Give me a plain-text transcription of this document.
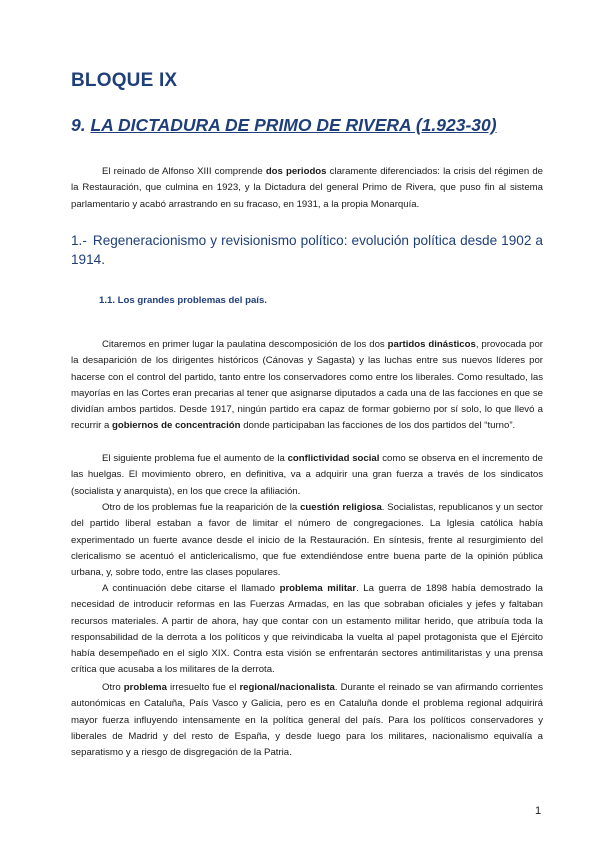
BLOQUE IX
9. LA DICTADURA DE PRIMO DE RIVERA (1.923-30)

El reinado de Alfonso XIII comprende dos periodos claramente diferenciados: la crisis del régimen de la Restauración, que culmina en 1923, y la Dictadura del general Primo de Rivera, que puso fin al sistema parlamentario y acabó arrastrando en su fracaso, en 1931, a la propia Monarquía.

1.- Regeneracionismo y revisionismo político: evolución política desde 1902 a 1914.

1.1. Los grandes problemas del país.

Citaremos en primer lugar la paulatina descomposición de los dos partidos dinásticos, provocada por la desaparición de los dirigentes históricos (Cánovas y Sagasta) y las luchas entre sus nuevos líderes por hacerse con el control del partido, tanto entre los conservadores como entre los liberales. Como resultado, las mayorías en las Cortes eran precarias al tener que asignarse diputados a cada una de las facciones en que se dividían ambos partidos. Desde 1917, ningún partido era capaz de formar gobierno por sí solo, lo que llevó a recurrir a gobiernos de concentración donde participaban las facciones de los dos partidos del “turno”.

El siguiente problema fue el aumento de la conflictividad social como se observa en el incremento de las huelgas. El movimiento obrero, en definitiva, va a adquirir una gran fuerza a través de los sindicatos (socialista y anarquista), en los que crece la afiliación.

Otro de los problemas fue la reaparición de la cuestión religiosa. Socialistas, republicanos y un sector del partido liberal estaban a favor de limitar el número de congregaciones. La Iglesia católica había experimentado un fuerte avance desde el inicio de la Restauración. En síntesis, frente al resurgimiento del clericalismo se acentuó el anticlericalismo, que fue extendiéndose entre buena parte de la opinión pública urbana, y, sobre todo, entre las clases populares.

A continuación debe citarse el llamado problema militar. La guerra de 1898 había demostrado la necesidad de introducir reformas en las Fuerzas Armadas, en las que sobraban oficiales y jefes y faltaban recursos materiales. A partir de ahora, hay que contar con un estamento militar herido, que atribuía toda la responsabilidad de la derrota a los políticos y que reivindicaba la vuelta al papel protagonista que el Ejército había desempeñado en el siglo XIX. Contra esta visión se enfrentarán sectores antimilitaristas y una prensa crítica que acusaba a los militares de la derrota.

Otro problema irresuelto fue el regional/nacionalista. Durante el reinado se van afirmando corrientes autonómicas en Cataluña, País Vasco y Galicia, pero es en Cataluña donde el problema regional adquirirá mayor fuerza influyendo intensamente en la política general del país. Para los políticos conservadores y liberales de Madrid y del resto de España, y desde luego para los militares, nacionalismo equivalía a separatismo y a riesgo de disgregación de la Patria.

1
